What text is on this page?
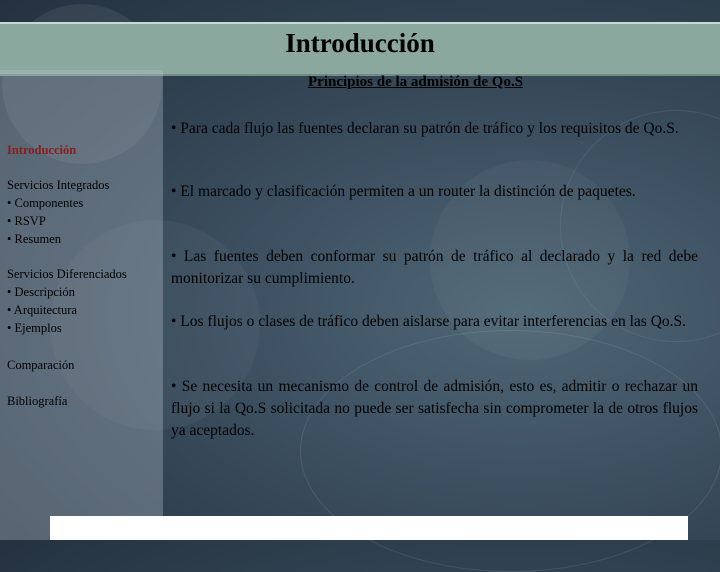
Introducción
Principios de la admisión de Qo.S
Introducción
Servicios Integrados
• Componentes
• RSVP
• Resumen
Servicios Diferenciados
• Descripción
• Arquitectura
• Ejemplos
Comparación
Bibliografía
• Para cada flujo las fuentes declaran su patrón de tráfico y los requisitos de Qo.S.
• El marcado y clasificación permiten a un router la distinción de paquetes.
• Las fuentes deben conformar su patrón de tráfico al declarado y la red debe monitorizar su cumplimiento.
• Los flujos o clases de tráfico deben aislarse para evitar interferencias en las Qo.S.
• Se necesita un mecanismo de control de admisión, esto es, admitir o rechazar un flujo si la Qo.S solicitada no puede ser satisfecha sin comprometer la de otros flujos ya aceptados.
